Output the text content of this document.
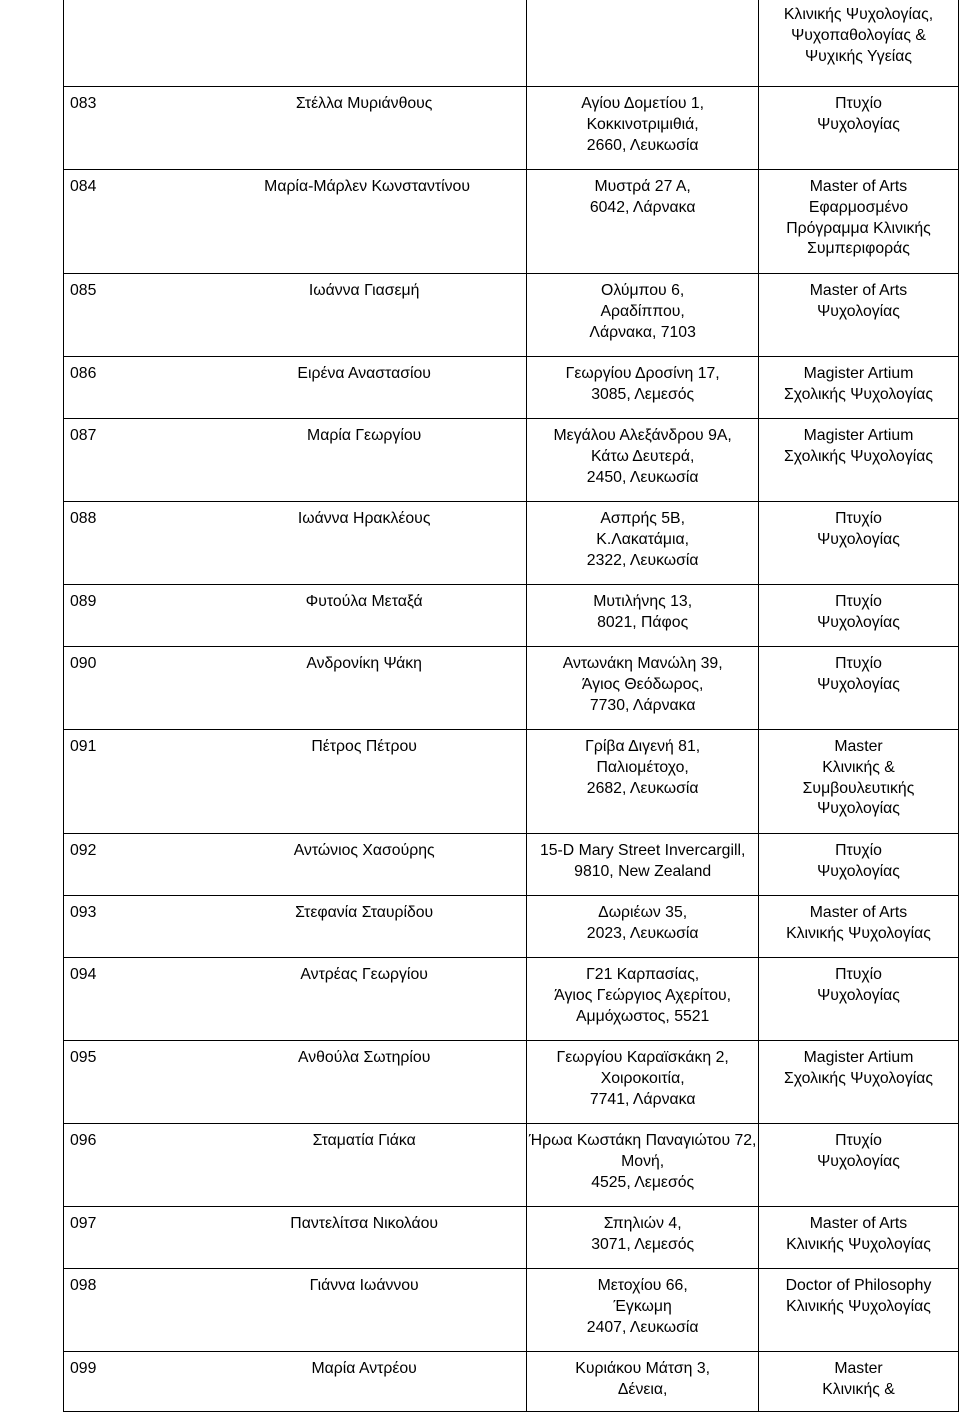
			Κλινικής Ψυχολογίας,
Ψυχοπαθολογίας &
Ψυχικής Υγείας

083	Στέλλα Μυριάνθους	Αγίου Δομετίου 1,
Κοκκινοτριμιθιά,
2660, Λευκωσία	Πτυχίο
Ψυχολογίας

084	Μαρία-Μάρλεν Κωνσταντίνου	Μυστρά 27 Α,
6042, Λάρνακα	Master of Arts
Εφαρμοσμένο
Πρόγραμμα Κλινικής
Συμπεριφοράς

085	Ιωάννα Γιασεμή	Ολύμπου 6,
Αραδίππου,
Λάρνακα, 7103	Master of Arts
Ψυχολογίας

086	Ειρένα Αναστασίου	Γεωργίου Δροσίνη 17,
3085, Λεμεσός	Magister Artium
Σχολικής Ψυχολογίας

087	Μαρία Γεωργίου	Μεγάλου Αλεξάνδρου 9Α,
Κάτω Δευτερά,
2450, Λευκωσία	Magister Artium
Σχολικής Ψυχολογίας

088	Ιωάννα Ηρακλέους	Ασπρής 5Β,
Κ.Λακατάμια,
2322, Λευκωσία	Πτυχίο
Ψυχολογίας

089	Φυτούλα Μεταξά	Μυτιλήνης 13,
8021, Πάφος	Πτυχίο
Ψυχολογίας

090	Ανδρονίκη Ψάκη	Αντωνάκη Μανώλη 39,
Άγιος Θεόδωρος,
7730, Λάρνακα	Πτυχίο
Ψυχολογίας

091	Πέτρος Πέτρου	Γρίβα Διγενή 81,
Παλιομέτοχο,
2682, Λευκωσία	Master
Κλινικής &
Συμβουλευτικής
Ψυχολογίας

092	Αντώνιος Χασούρης	15-D Mary Street Invercargill,
9810, New Zealand	Πτυχίο
Ψυχολογίας

093	Στεφανία Σταυρίδου	Δωριέων 35,
2023, Λευκωσία	Master of Arts
Κλινικής Ψυχολογίας

094	Αντρέας Γεωργίου	Γ21 Καρπασίας,
Άγιος Γεώργιος Αχερίτου,
Αμμόχωστος, 5521	Πτυχίο
Ψυχολογίας

095	Ανθούλα Σωτηρίου	Γεωργίου Καραϊσκάκη 2,
Χοιροκοιτία,
7741, Λάρνακα	Magister Artium
Σχολικής Ψυχολογίας

096	Σταματία Γιάκα	Ήρωα Κωστάκη Παναγιώτου 72,
Μονή,
4525, Λεμεσός	Πτυχίο
Ψυχολογίας

097	Παντελίτσα Νικολάου	Σπηλιών 4,
3071, Λεμεσός	Master of Arts
Κλινικής Ψυχολογίας

098	Γιάννα Ιωάννου	Μετοχίου 66,
Έγκωμη
2407, Λευκωσία	Doctor of Philosophy
Κλινικής Ψυχολογίας

099	Μαρία Αντρέου	Κυριάκου Μάτση 3,
Δένεια,	Master
Κλινικής &
